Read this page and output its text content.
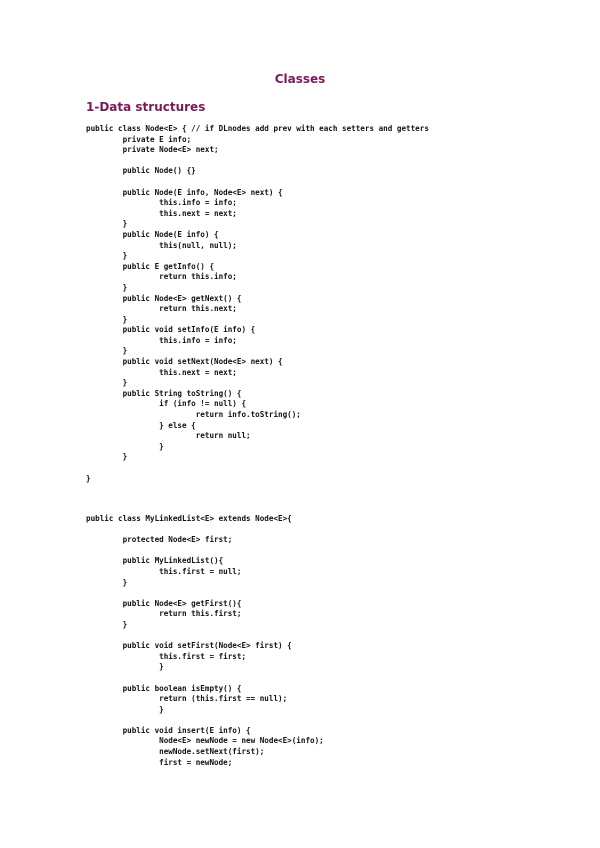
Classes
1-Data structures
public class Node<E> { // if DLnodes add prev with each setters and getters
private E info;
private Node<E> next;

public Node() {}

public Node(E info, Node<E> next) {
this.info = info;
this.next = next;
}
public Node(E info) {
this(null, null);
}
public E getInfo() {
return this.info;
}
public Node<E> getNext() {
return this.next;
}
public void setInfo(E info) {
this.info = info;
}
public void setNext(Node<E> next) {
this.next = next;
}
public String toString() {
if (info != null) {
return info.toString();
} else {
return null;
}
}

}
public class MyLinkedList<E> extends Node<E>{

protected Node<E> first;

public MyLinkedList(){
this.first = null;
}

public Node<E> getFirst(){
return this.first;
}

public void setFirst(Node<E> first) {
this.first = first;
}

public boolean isEmpty() {
return (this.first == null);
}

public void insert(E info) {
Node<E> newNode = new Node<E>(info);
newNode.setNext(first);
first = newNode;
